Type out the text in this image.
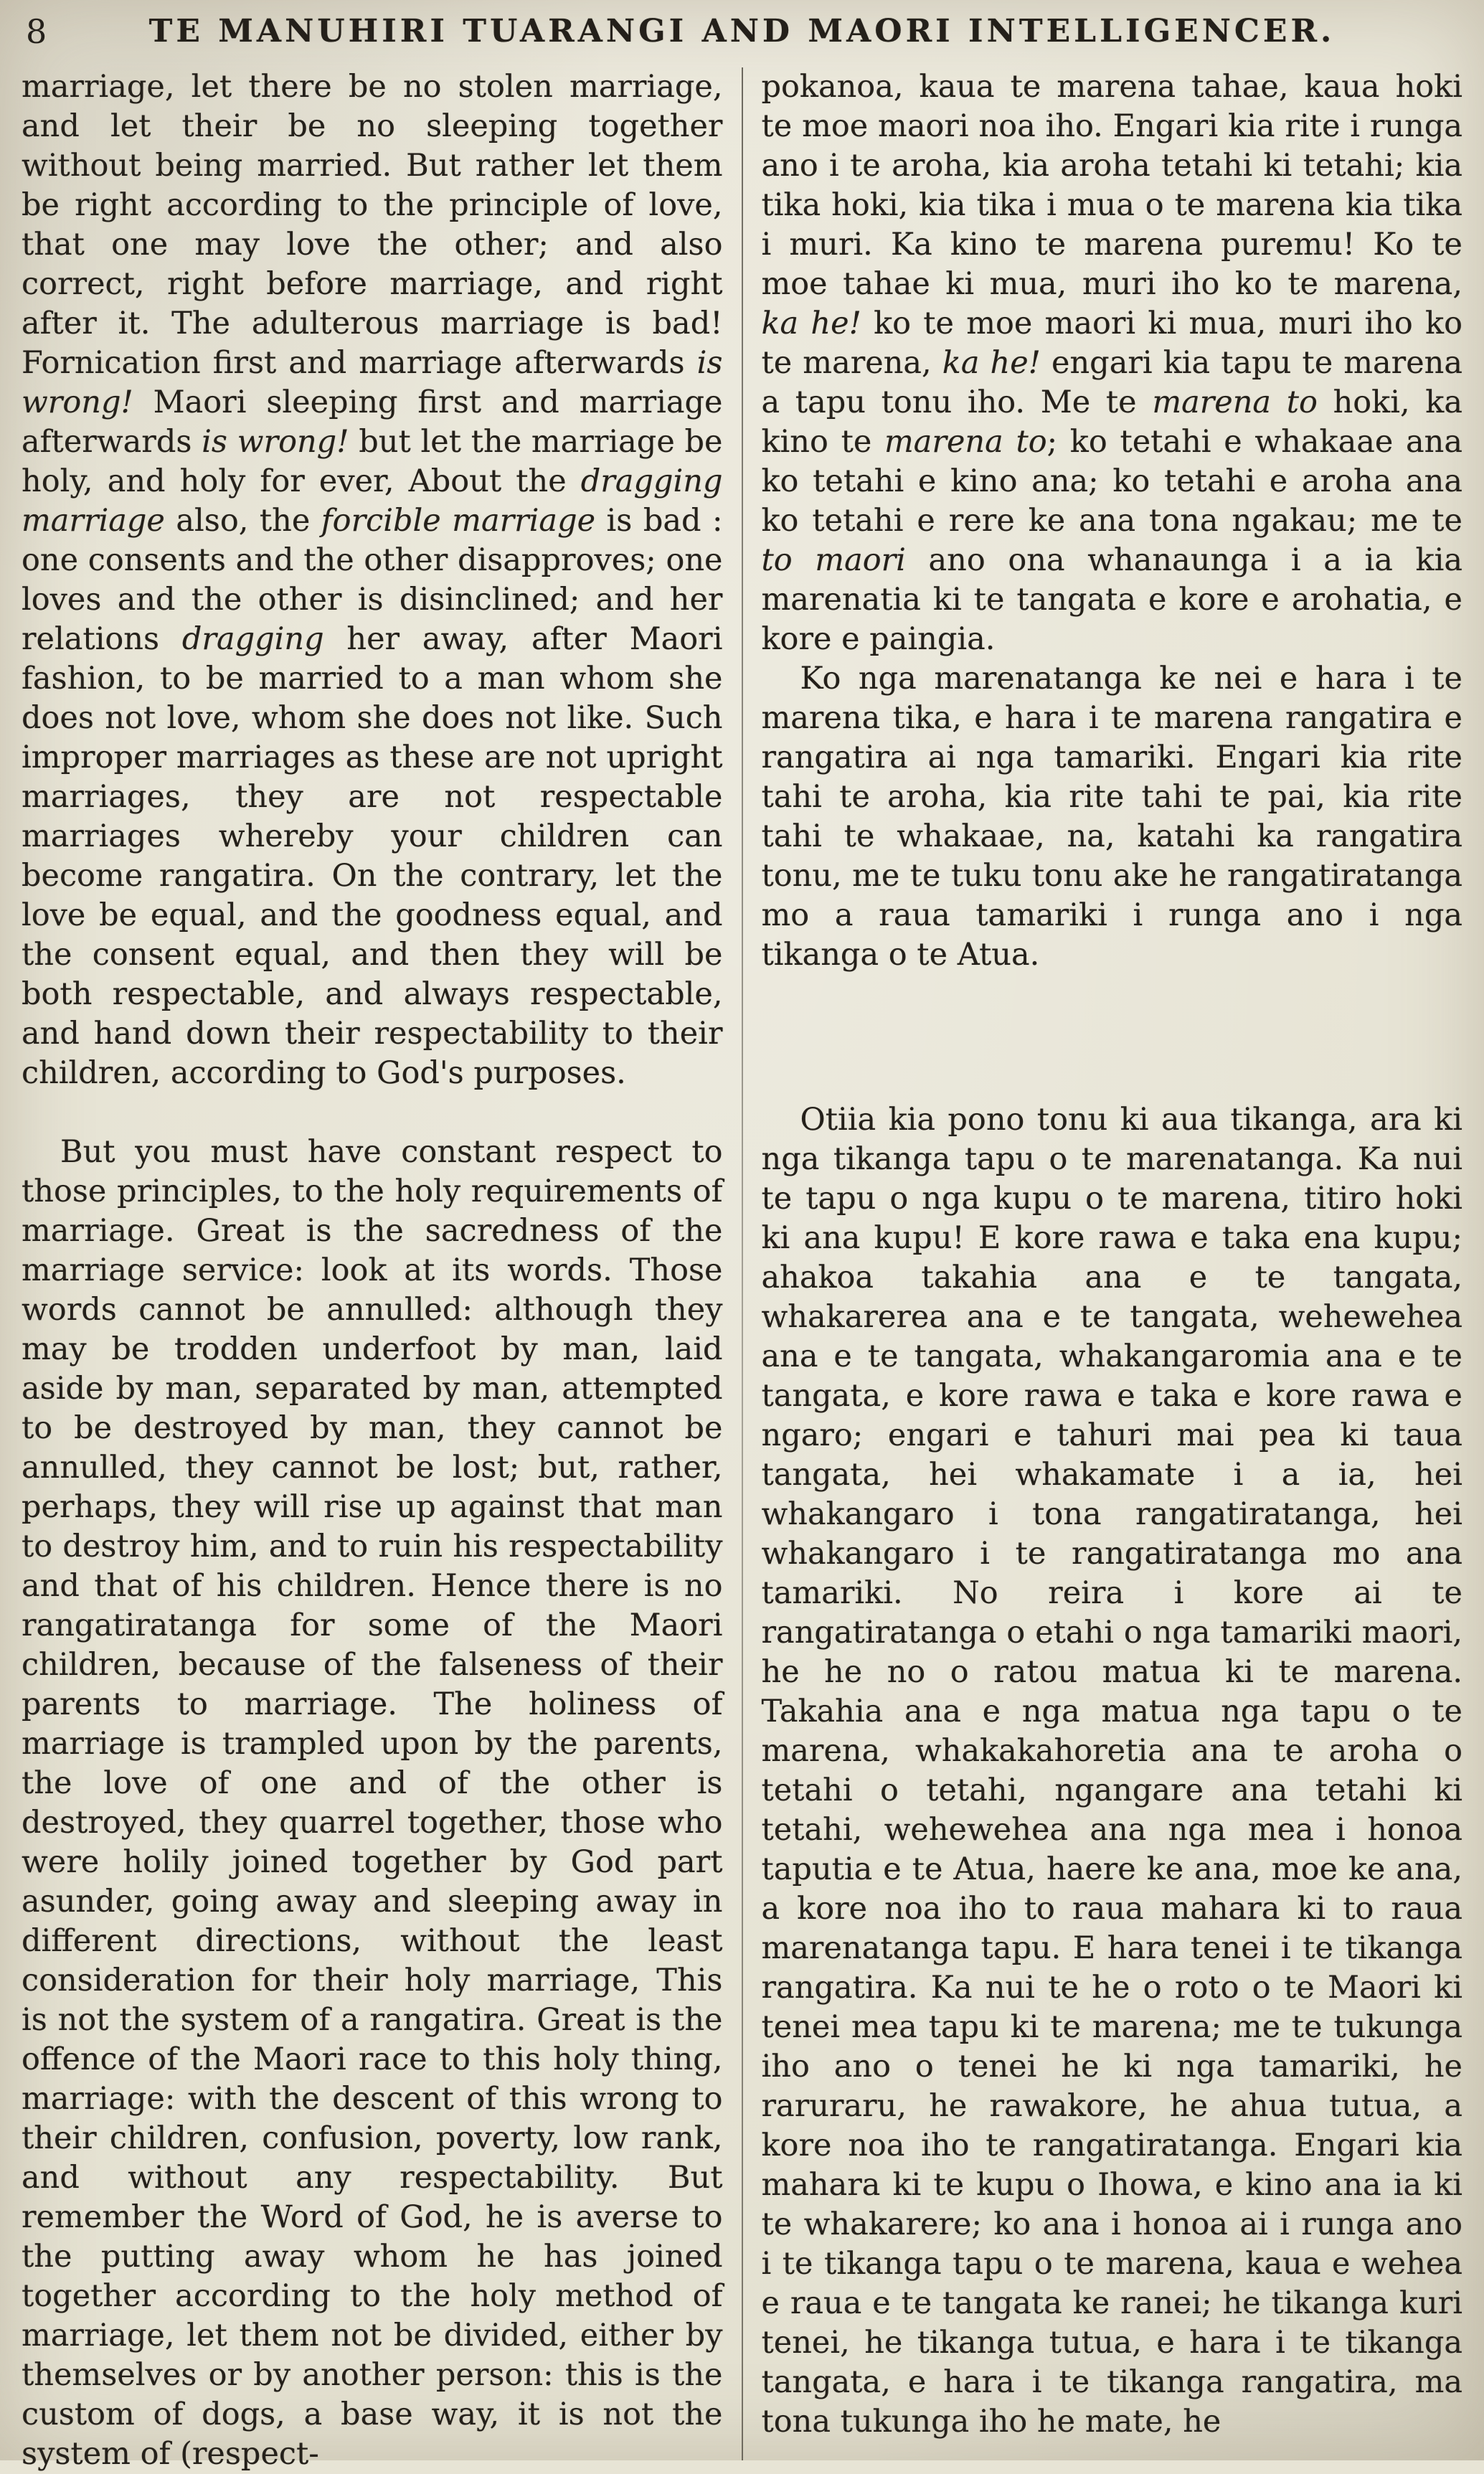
8	TE MANUHIRI TUARANGI AND MAORI INTELLIGENCER.

marriage, let there be no stolen marriage, and let their be no sleeping together without being married. But rather let them be right according to the principle of love, that one may love the other; and also correct, right before marriage, and right after it. The adulterous marriage is bad! Fornication first and marriage afterwards is wrong! Maori sleeping first and marriage afterwards is wrong! but let the marriage be holy, and holy for ever, About the dragging marriage also, the forcible marriage is bad : one consents and the other disapproves; one loves and the other is disinclined; and her relations dragging her away, after Maori fashion, to be married to a man whom she does not love, whom she does not like. Such improper marriages as these are not upright marriages, they are not respectable marriages whereby your children can become rangatira. On the contrary, let the love be equal, and the goodness equal, and the consent equal, and then they will be both respectable, and always respectable, and hand down their respectability to their children, according to God's purposes.

But you must have constant respect to those principles, to the holy requirements of marriage. Great is the sacredness of the marriage service: look at its words. Those words cannot be annulled: although they may be trodden underfoot by man, laid aside by man, separated by man, attempted to be destroyed by man, they cannot be annulled, they cannot be lost; but, rather, perhaps, they will rise up against that man to destroy him, and to ruin his respectability and that of his children. Hence there is no rangatiratanga for some of the Maori children, because of the falseness of their parents to marriage. The holiness of marriage is trampled upon by the parents, the love of one and of the other is destroyed, they quarrel together, those who were holily joined together by God part asunder, going away and sleeping away in different directions, without the least consideration for their holy marriage, This is not the system of a rangatira. Great is the offence of the Maori race to this holy thing, marriage: with the descent of this wrong to their children, confusion, poverty, low rank, and without any respectability. But remember the Word of God, he is averse to the putting away whom he has joined together according to the holy method of marriage, let them not be divided, either by themselves or by another person: this is the custom of dogs, a base way, it is not the system of (respect-

pokanoa, kaua te marena tahae, kaua hoki te moe maori noa iho. Engari kia rite i runga ano i te aroha, kia aroha tetahi ki tetahi; kia tika hoki, kia tika i mua o te marena kia tika i muri. Ka kino te marena puremu! Ko te moe tahae ki mua, muri iho ko te marena, ka he! ko te moe maori ki mua, muri iho ko te marena, ka he! engari kia tapu te marena a tapu tonu iho. Me te marena to hoki, ka kino te marena to; ko tetahi e whakaae ana ko tetahi e kino ana; ko tetahi e aroha ana ko tetahi e rere ke ana tona ngakau; me te to maori ano ona whanaunga i a ia kia marenatia ki te tangata e kore e arohatia, e kore e paingia.

Ko nga marenatanga ke nei e hara i te marena tika, e hara i te marena rangatira e rangatira ai nga tamariki. Engari kia rite tahi te aroha, kia rite tahi te pai, kia rite tahi te whakaae, na, katahi ka rangatira tonu, me te tuku tonu ake he rangatiratanga mo a raua tamariki i runga ano i nga tikanga o te Atua.

Otiia kia pono tonu ki aua tikanga, ara ki nga tikanga tapu o te marenatanga. Ka nui te tapu o nga kupu o te marena, titiro hoki ki ana kupu! E kore rawa e taka ena kupu; ahakoa takahia ana e te tangata, whakarerea ana e te tangata, wehewehea ana e te tangata, whakangaromia ana e te tangata, e kore rawa e taka e kore rawa e ngaro; engari e tahuri mai pea ki taua tangata, hei whakamate i a ia, hei whakangaro i tona rangatiratanga, hei whakangaro i te rangatiratanga mo ana tamariki. No reira i kore ai te rangatiratanga o etahi o nga tamariki maori, he he no o ratou matua ki te marena. Takahia ana e nga matua nga tapu o te marena, whakakahoretia ana te aroha o tetahi o tetahi, ngangare ana tetahi ki tetahi, wehewehea ana nga mea i honoa taputia e te Atua, haere ke ana, moe ke ana, a kore noa iho to raua mahara ki to raua marenatanga tapu. E hara tenei i te tikanga rangatira. Ka nui te he o roto o te Maori ki tenei mea tapu ki te marena; me te tukunga iho ano o tenei he ki nga tamariki, he raruraru, he rawakore, he ahua tutua, a kore noa iho te rangatiratanga. Engari kia mahara ki te kupu o Ihowa, e kino ana ia ki te whakarere; ko ana i honoa ai i runga ano i te tikanga tapu o te marena, kaua e wehea e raua e te tangata ke ranei; he tikanga kuri tenei, he tikanga tutua, e hara i te tikanga tangata, e hara i te tikanga rangatira, ma tona tukunga iho he mate, he
